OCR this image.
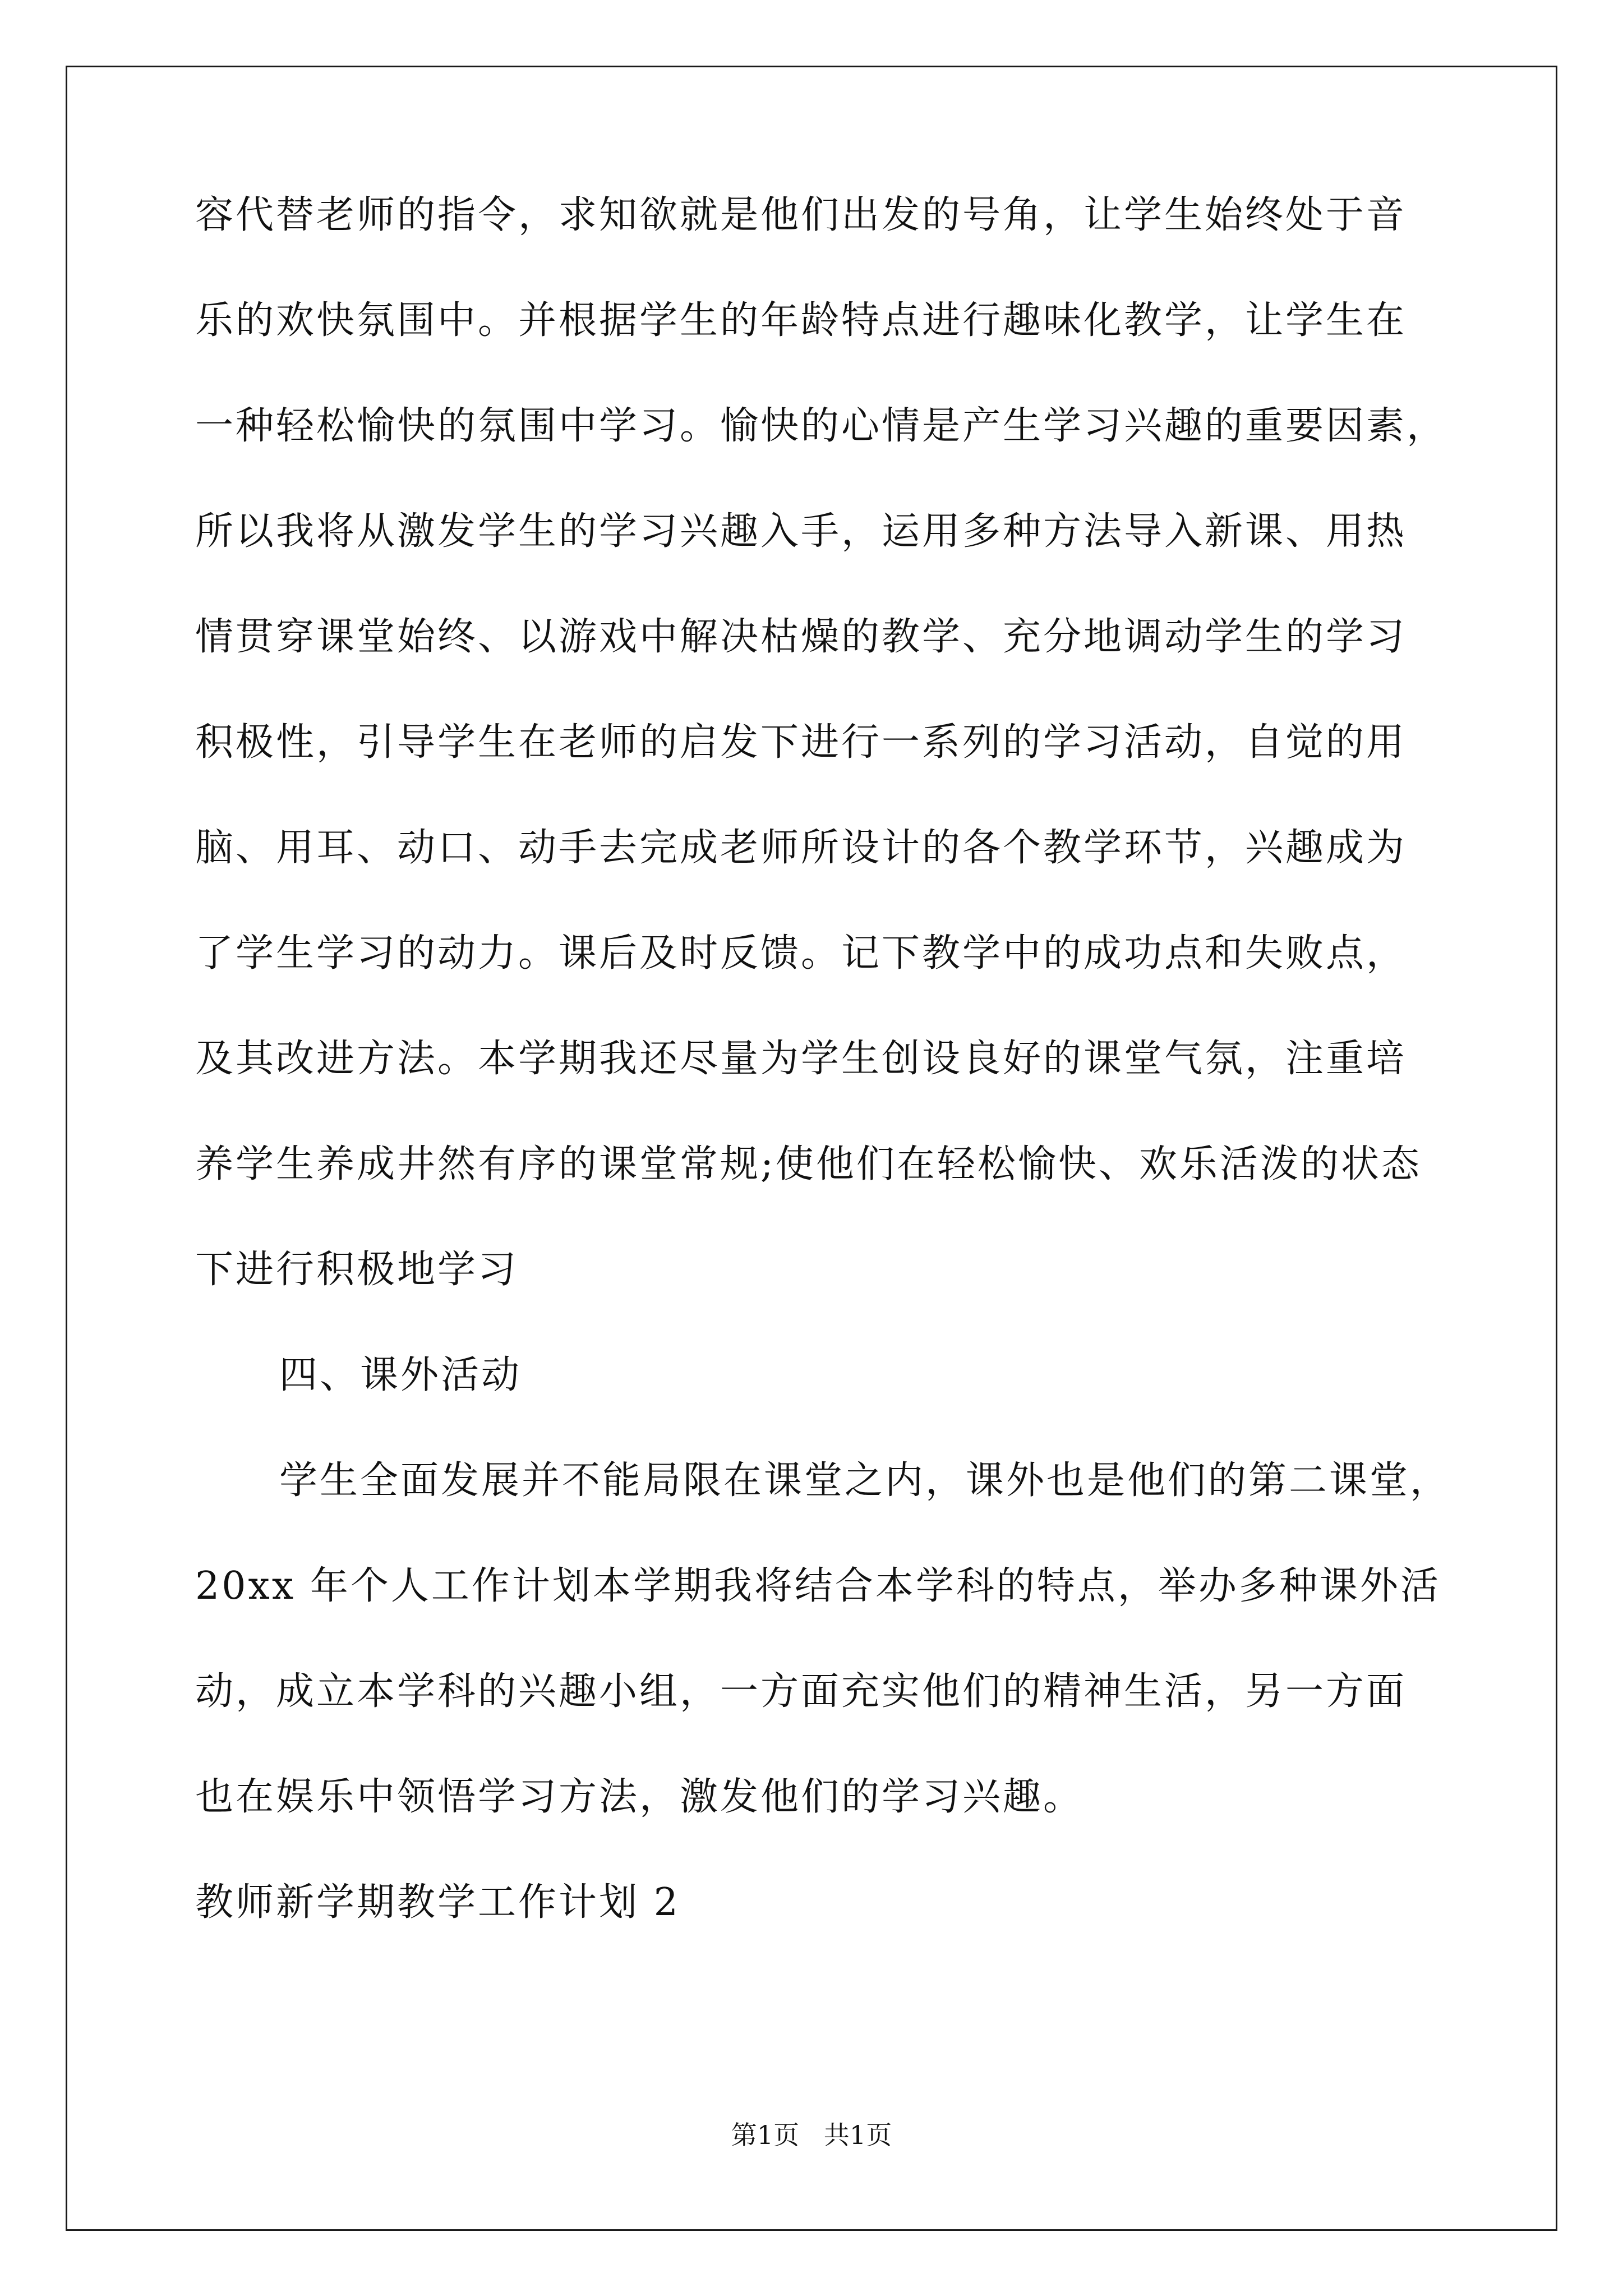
容代替老师的指令，求知欲就是他们出发的号角，让学生始终处于音
乐的欢快氛围中。并根据学生的年龄特点进行趣味化教学，让学生在
一种轻松愉快的氛围中学习。愉快的心情是产生学习兴趣的重要因素，
所以我将从激发学生的学习兴趣入手，运用多种方法导入新课、用热
情贯穿课堂始终、以游戏中解决枯燥的教学、充分地调动学生的学习
积极性，引导学生在老师的启发下进行一系列的学习活动，自觉的用
脑、用耳、动口、动手去完成老师所设计的各个教学环节，兴趣成为
了学生学习的动力。课后及时反馈。记下教学中的成功点和失败点，
及其改进方法。本学期我还尽量为学生创设良好的课堂气氛，注重培
养学生养成井然有序的课堂常规;使他们在轻松愉快、欢乐活泼的状态
下进行积极地学习
四、课外活动
学生全面发展并不能局限在课堂之内，课外也是他们的第二课堂，
20xx 年个人工作计划本学期我将结合本学科的特点，举办多种课外活
动，成立本学科的兴趣小组，一方面充实他们的精神生活，另一方面
也在娱乐中领悟学习方法，激发他们的学习兴趣。
教师新学期教学工作计划 2
第1页   共1页
